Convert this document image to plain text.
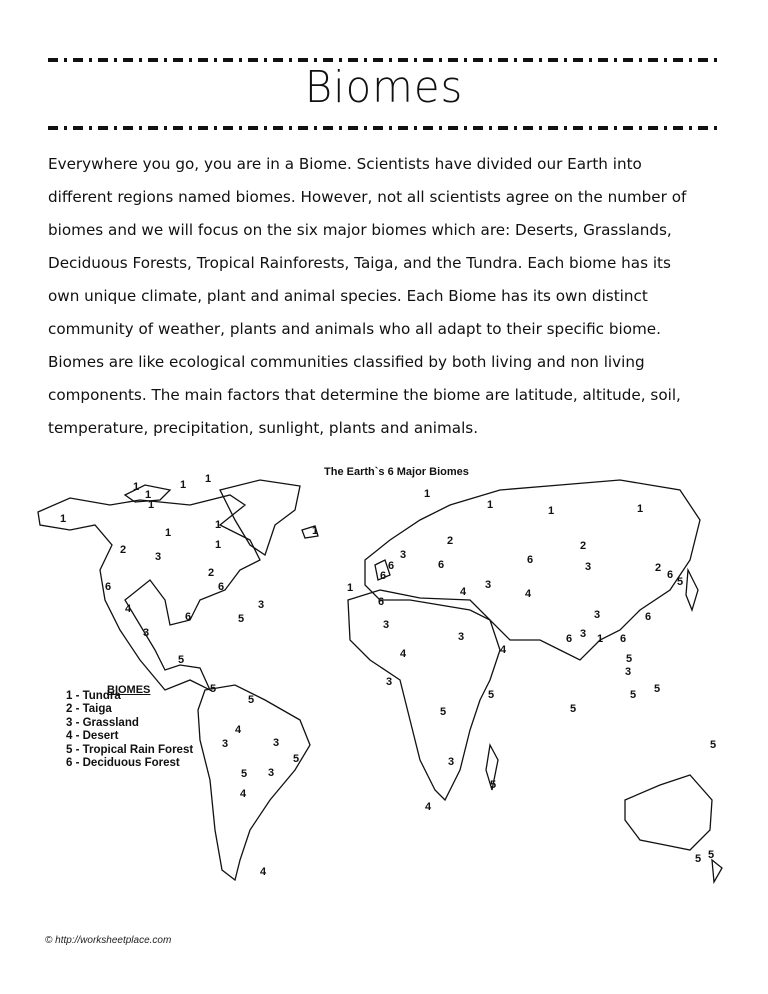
Biomes
Everywhere you go, you are in a Biome. Scientists have divided our Earth into
different regions named biomes. However, not all scientists agree on the number of
biomes and we will focus on the six major biomes which are: Deserts, Grasslands,
Deciduous Forests, Tropical Rainforests, Taiga, and the Tundra. Each biome has its
own unique climate, plant and animal species. Each Biome has its own distinct
community of weather, plants and animals who all adapt to their specific biome.
Biomes are like ecological communities classified by both living and non living
components. The main factors that determine the biome are latitude, altitude, soil,
temperature, precipitation, sunlight, plants and animals.
1	1 1
1
1
1
1
1
1
1
2
3
6
4
3
2
6
3
6	5
5
5
5
3
4
3
5
3
4
5
4
1
1	1	1
2
6
6
3
6
1
6
2
6
3
4
3
3
4
3
4
5
3
5
5
3
4
5
6 1 6
3	6
2
6
5
5
5 5
5
3
4
3
5
5
The Earth`s 6 Major Biomes
BIOMES
1 - Tundra
2 - Taiga
3 - Grassland
4 - Desert
5 - Tropical Rain Forest
6 - Deciduous Forest
© http://worksheetplace.com
